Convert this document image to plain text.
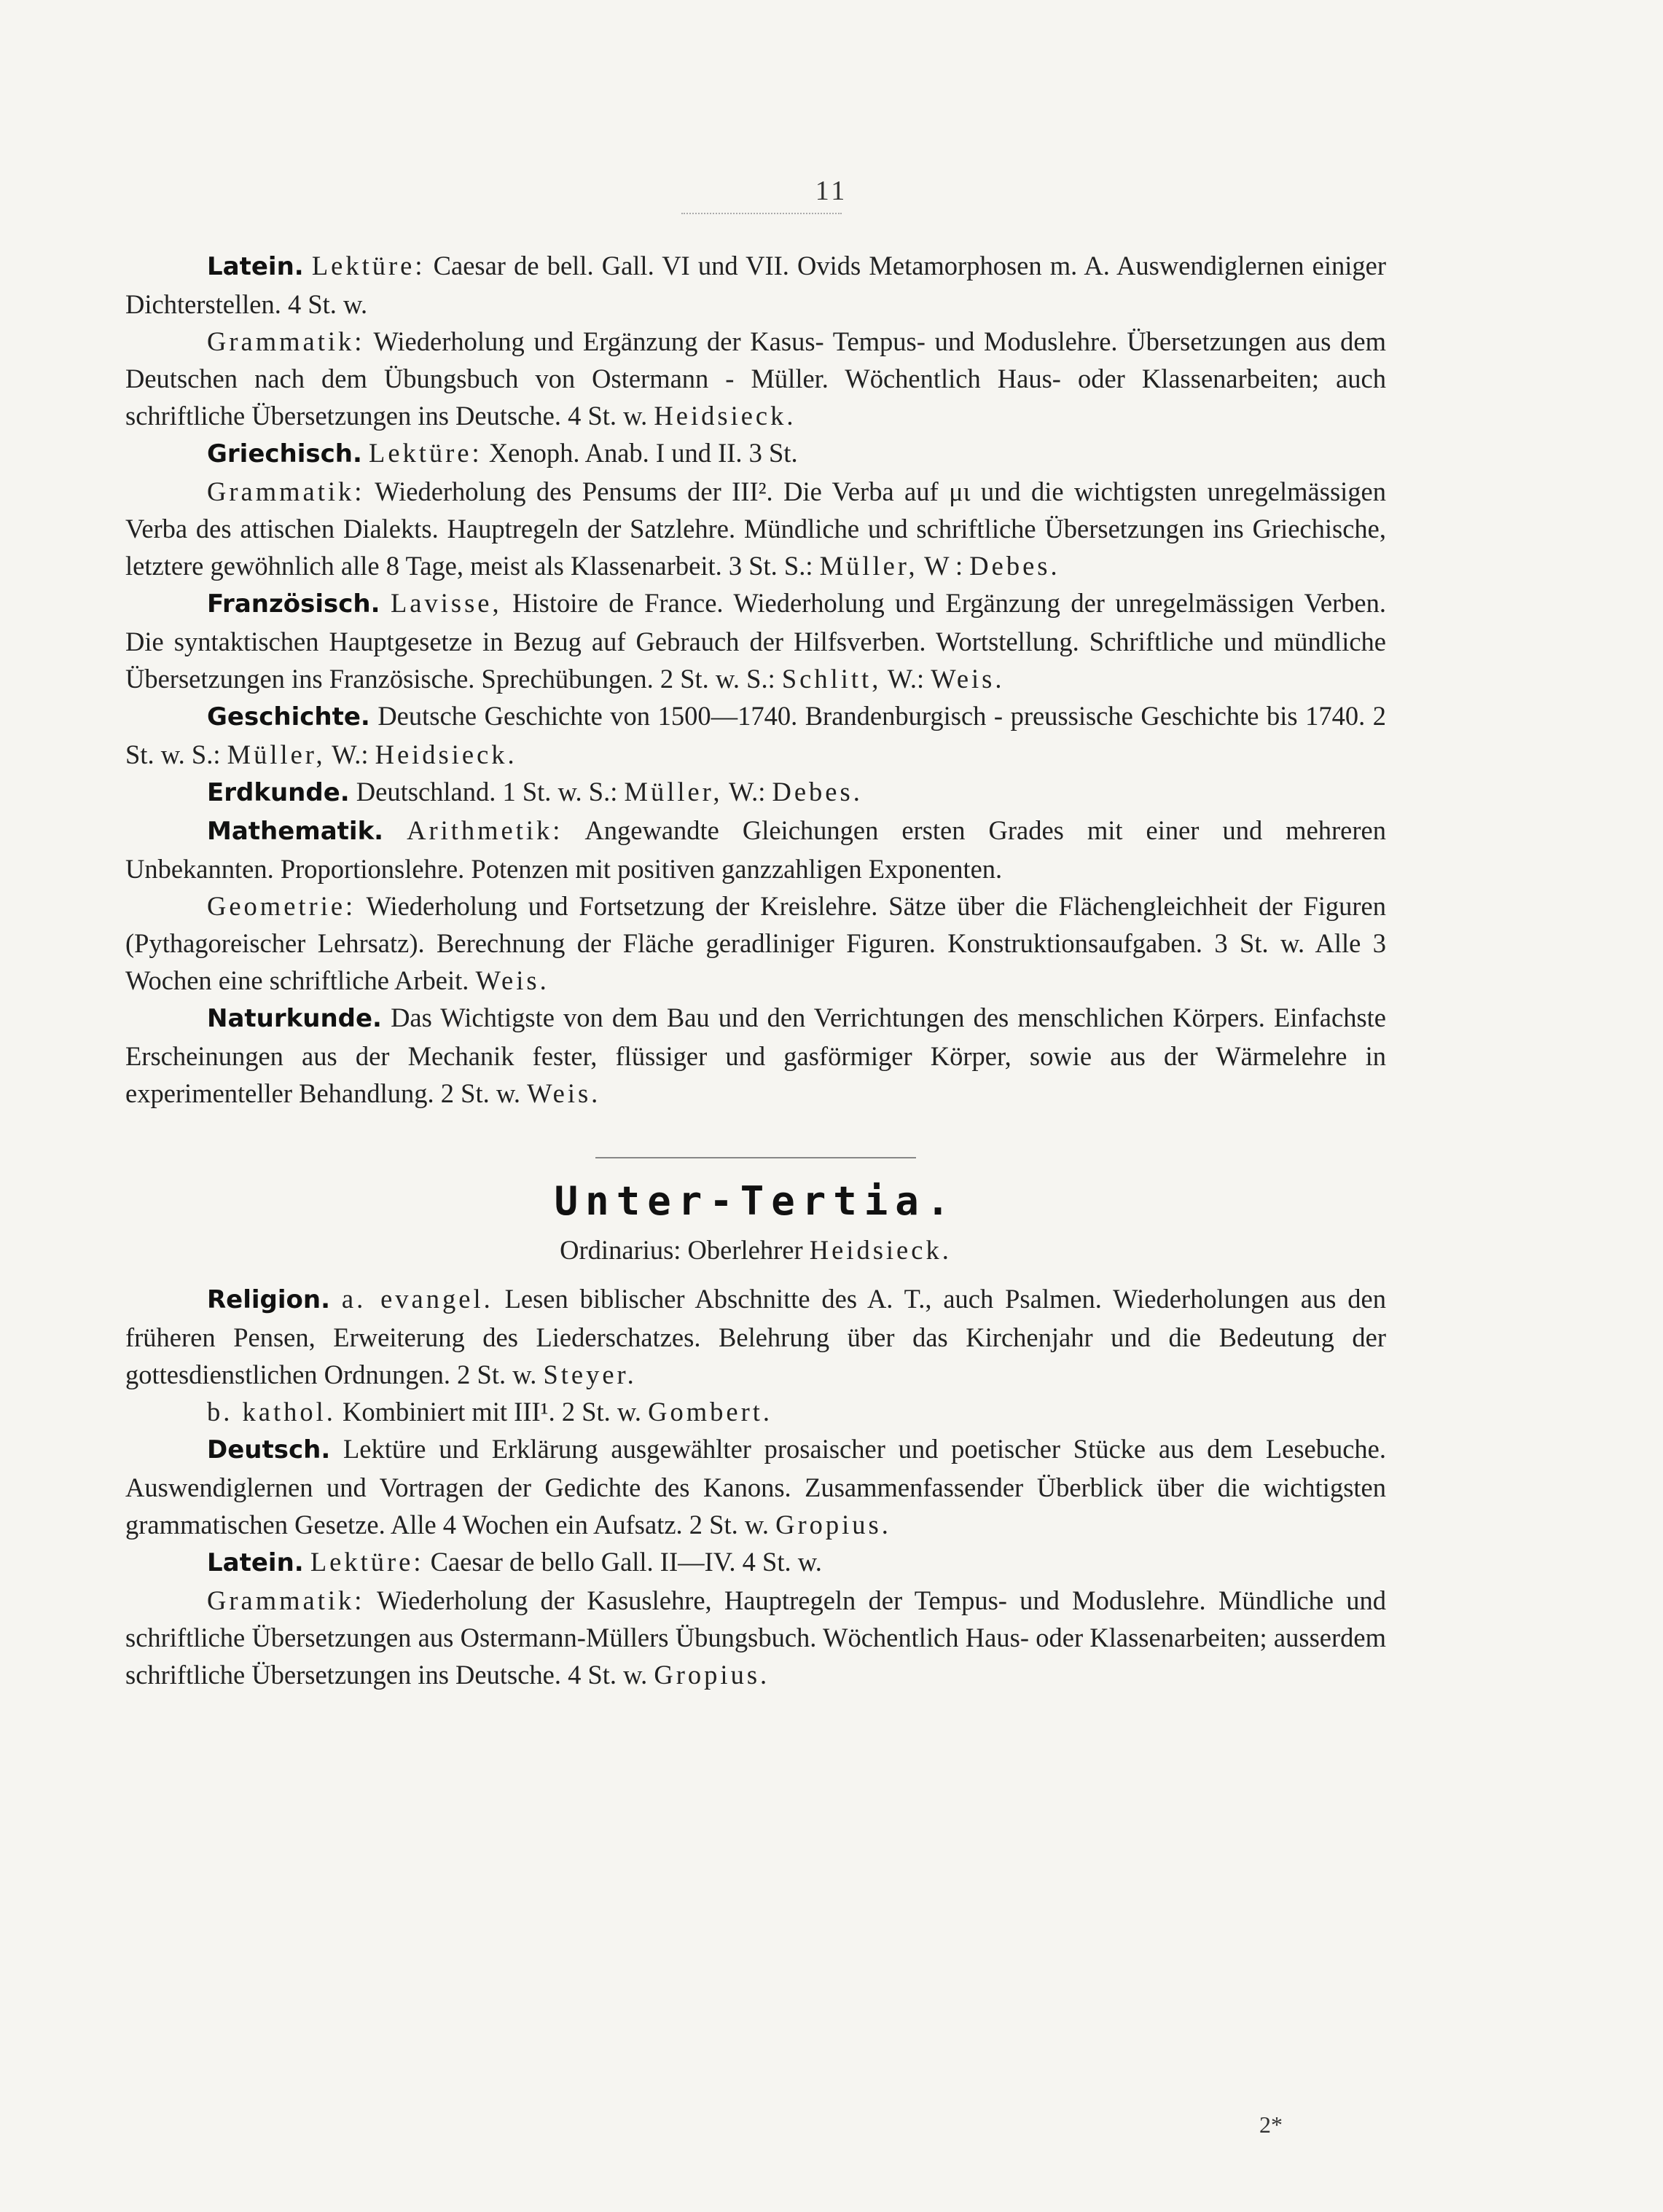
11

Latein. Lektüre: Caesar de bell. Gall. VI und VII. Ovids Metamorphosen m. A. Auswendiglernen einiger Dichterstellen. 4 St. w.

Grammatik: Wiederholung und Ergänzung der Kasus- Tempus- und Moduslehre. Übersetzungen aus dem Deutschen nach dem Übungsbuch von Ostermann - Müller. Wöchentlich Haus- oder Klassenarbeiten; auch schriftliche Übersetzungen ins Deutsche. 4 St. w. Heidsieck.

Griechisch. Lektüre: Xenoph. Anab. I und II. 3 St.

Grammatik: Wiederholung des Pensums der III². Die Verba auf μι und die wichtigsten unregelmässigen Verba des attischen Dialekts. Hauptregeln der Satzlehre. Mündliche und schriftliche Übersetzungen ins Griechische, letztere gewöhnlich alle 8 Tage, meist als Klassenarbeit. 3 St. S.: Müller, W : Debes.

Französisch. Lavisse, Histoire de France. Wiederholung und Ergänzung der unregelmässigen Verben. Die syntaktischen Hauptgesetze in Bezug auf Gebrauch der Hilfsverben. Wortstellung. Schriftliche und mündliche Übersetzungen ins Französische. Sprechübungen. 2 St. w. S.: Schlitt, W.: Weis.

Geschichte. Deutsche Geschichte von 1500—1740. Brandenburgisch - preussische Geschichte bis 1740. 2 St. w. S.: Müller, W.: Heidsieck.

Erdkunde. Deutschland. 1 St. w. S.: Müller, W.: Debes.

Mathematik. Arithmetik: Angewandte Gleichungen ersten Grades mit einer und mehreren Unbekannten. Proportionslehre. Potenzen mit positiven ganzzahligen Exponenten.

Geometrie: Wiederholung und Fortsetzung der Kreislehre. Sätze über die Flächengleichheit der Figuren (Pythagoreischer Lehrsatz). Berechnung der Fläche geradliniger Figuren. Konstruktionsaufgaben. 3 St. w. Alle 3 Wochen eine schriftliche Arbeit. Weis.

Naturkunde. Das Wichtigste von dem Bau und den Verrichtungen des menschlichen Körpers. Einfachste Erscheinungen aus der Mechanik fester, flüssiger und gasförmiger Körper, sowie aus der Wärmelehre in experimenteller Behandlung. 2 St. w. Weis.

Unter-Tertia.
Ordinarius: Oberlehrer Heidsieck.

Religion. a. evangel. Lesen biblischer Abschnitte des A. T., auch Psalmen. Wiederholungen aus den früheren Pensen, Erweiterung des Liederschatzes. Belehrung über das Kirchenjahr und die Bedeutung der gottesdienstlichen Ordnungen. 2 St. w. Steyer.

b. kathol. Kombiniert mit III¹. 2 St. w. Gombert.

Deutsch. Lektüre und Erklärung ausgewählter prosaischer und poetischer Stücke aus dem Lesebuche. Auswendiglernen und Vortragen der Gedichte des Kanons. Zusammenfassender Überblick über die wichtigsten grammatischen Gesetze. Alle 4 Wochen ein Aufsatz. 2 St. w. Gropius.

Latein. Lektüre: Caesar de bello Gall. II—IV. 4 St. w.

Grammatik: Wiederholung der Kasuslehre, Hauptregeln der Tempus- und Moduslehre. Mündliche und schriftliche Übersetzungen aus Ostermann-Müllers Übungsbuch. Wöchentlich Haus- oder Klassenarbeiten; ausserdem schriftliche Übersetzungen ins Deutsche. 4 St. w. Gropius.

2*
